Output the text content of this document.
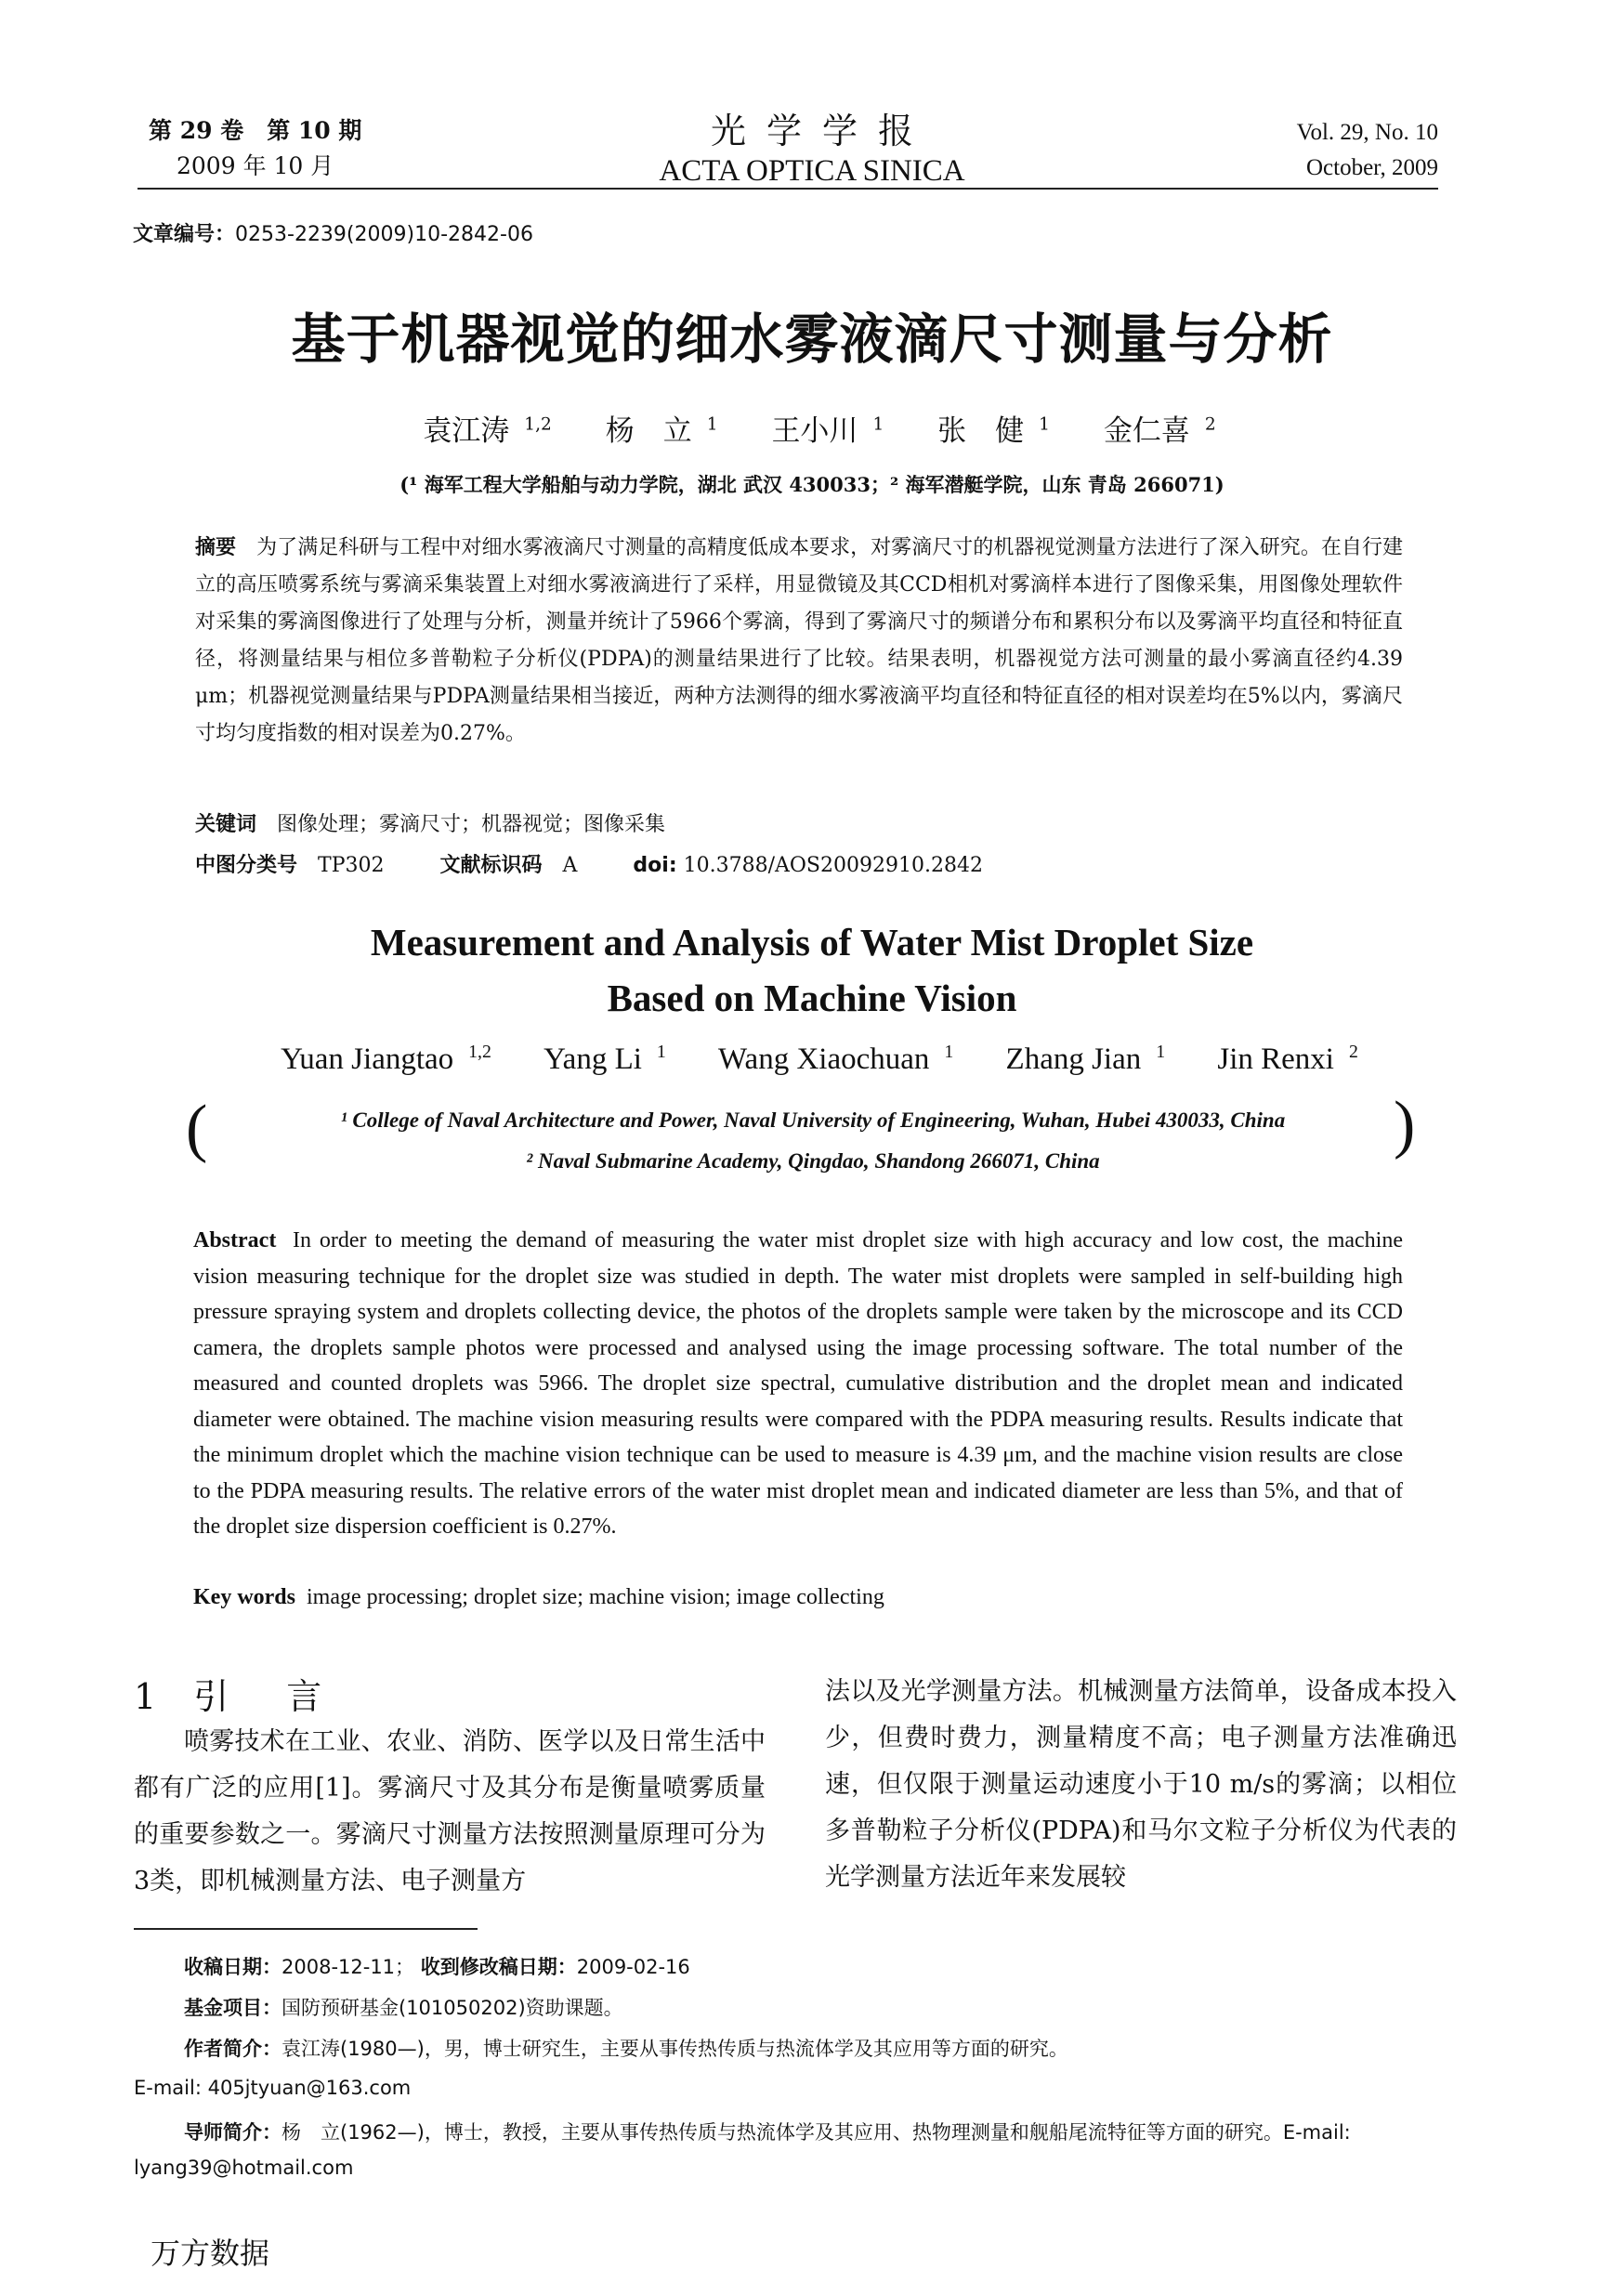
第 29 卷　第 10 期
2009 年 10 月
光学学报
ACTA OPTICA SINICA
Vol. 29, No. 10
October, 2009
文章编号：0253-2239(2009)10-2842-06
基于机器视觉的细水雾液滴尺寸测量与分析
袁江涛 $^{1,2}$ 杨　立 $^1$ 王小川 $^1$ 张　健 $^1$ 金仁喜 $^2$
(¹ 海军工程大学船舶与动力学院，湖北 武汉 430033；² 海军潜艇学院，山东 青岛 266071)
摘要　 为了满足科研与工程中对细水雾液滴尺寸测量的高精度低成本要求，对雾滴尺寸的机器视觉测量方法进行了深入研究。在自行建立的高压喷雾系统与雾滴采集装置上对细水雾液滴进行了采样，用显微镜及其CCD相机对雾滴样本进行了图像采集，用图像处理软件对采集的雾滴图像进行了处理与分析，测量并统计了5966个雾滴，得到了雾滴尺寸的频谱分布和累积分布以及雾滴平均直径和特征直径，将测量结果与相位多普勒粒子分析仪(PDPA)的测量结果进行了比较。结果表明，机器视觉方法可测量的最小雾滴直径约4.39 μm；机器视觉测量结果与PDPA测量结果相当接近，两种方法测得的细水雾液滴平均直径和特征直径的相对误差均在5%以内，雾滴尺寸均匀度指数的相对误差为0.27%。
关键词　 图像处理；雾滴尺寸；机器视觉；图像采集
中图分类号　 TP302	文献标识码　 A	doi: 10.3788/AOS20092910.2842
Measurement and Analysis of Water Mist Droplet Size
Based on Machine Vision
Yuan Jiangtao $^{1,2}$ Yang Li $^1$ Wang Xiaochuan $^1$ Zhang Jian $^1$ Jin Renxi $^2$
(	)
¹ College of Naval Architecture and Power, Naval University of Engineering, Wuhan, Hubei 430033, China
² Naval Submarine Academy, Qingdao, Shandong 266071, China
Abstract In order to meeting the demand of measuring the water mist droplet size with high accuracy and low cost, the machine vision measuring technique for the droplet size was studied in depth. The water mist droplets were sampled in self-building high pressure spraying system and droplets collecting device, the photos of the droplets sample were taken by the microscope and its CCD camera, the droplets sample photos were processed and analysed using the image processing software. The total number of the measured and counted droplets was 5966. The droplet size spectral, cumulative distribution and the droplet mean and indicated diameter were obtained. The machine vision measuring results were compared with the PDPA measuring results. Results indicate that the minimum droplet which the machine vision technique can be used to measure is 4.39 μm, and the machine vision results are close to the PDPA measuring results. The relative errors of the water mist droplet mean and indicated diameter are less than 5%, and that of the droplet size dispersion coefficient is 0.27%.
Key words image processing; droplet size; machine vision; image collecting
1 引 言
喷雾技术在工业、农业、消防、医学以及日常生活中都有广泛的应用[1]。雾滴尺寸及其分布是衡量喷雾质量的重要参数之一。雾滴尺寸测量方法按照测量原理可分为3类，即机械测量方法、电子测量方
法以及光学测量方法。机械测量方法简单，设备成本投入少，但费时费力，测量精度不高；电子测量方法准确迅速，但仅限于测量运动速度小于10 m/s的雾滴；以相位多普勒粒子分析仪(PDPA)和马尔文粒子分析仪为代表的光学测量方法近年来发展较
收稿日期：2008-12-11； 收到修改稿日期：2009-02-16
基金项目：国防预研基金(101050202)资助课题。
作者简介：袁江涛(1980—)，男，博士研究生，主要从事传热传质与热流体学及其应用等方面的研究。
E-mail: 405jtyuan@163.com
导师简介：杨　立(1962—)，博士，教授，主要从事传热传质与热流体学及其应用、热物理测量和舰船尾流特征等方面的研究。E-mail: lyang39@hotmail.com
万方数据
